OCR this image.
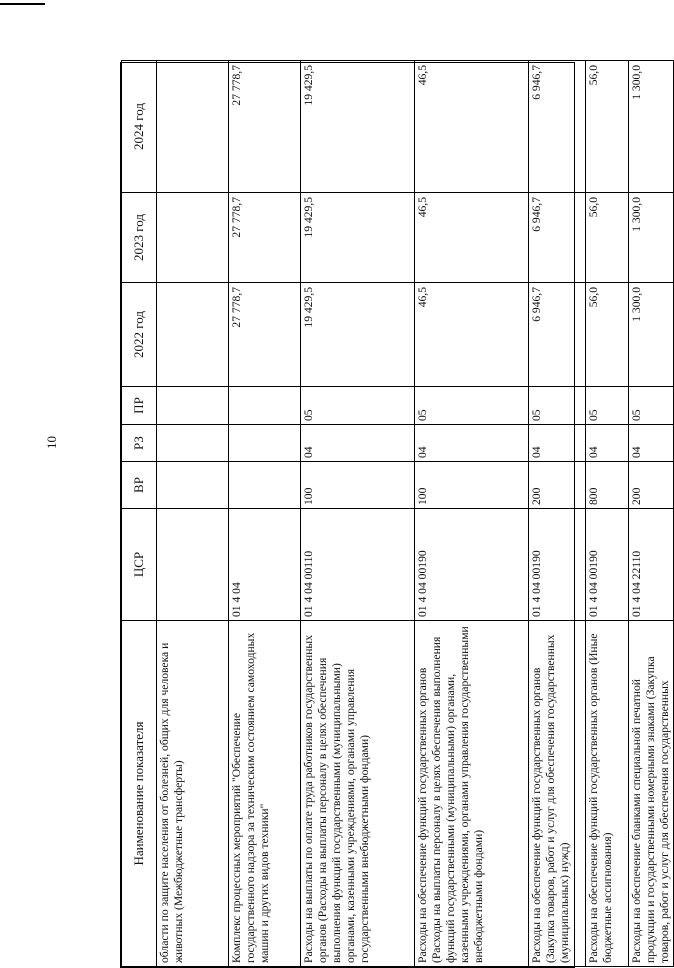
10
Наименование показателя	ЦСР	ВР	РЗ	ПР	2022 год	2023 год	2024 год
области по защите населения от болезней, общих для человека и животных (Межбюджетные трансферты)							
Комплекс процессных мероприятий "Обеспечение государственного надзора за техническим состоянием самоходных машин и других видов техники"	01 4 04				27 778,7	27 778,7	27 778,7
Расходы на выплаты по оплате труда работников государственных органов (Расходы на выплаты персоналу в целях обеспечения выполнения функций государственными (муниципальными) органами, казенными учреждениями, органами управления государственными внебюджетными фондами)	01 4 04 00110	100	04	05	19 429,5	19 429,5	19 429,5
Расходы на обеспечение функций государственных органов (Расходы на выплаты персоналу в целях обеспечения выполнения функций государственными (муниципальными) органами, казенными учреждениями, органами управления государственными внебюджетными фондами)	01 4 04 00190	100	04	05	46,5	46,5	46,5
Расходы на обеспечение функций государственных органов (Закупка товаров, работ и услуг для обеспечения государственных (муниципальных) нужд)	01 4 04 00190	200	04	05	6 946,7	6 946,7	6 946,7
Расходы на обеспечение функций государственных органов (Иные бюджетные ассигнования)	01 4 04 00190	800	04	05	56,0	56,0	56,0
Расходы на обеспечение бланками специальной печатной продукции и государственными номерными знаками (Закупка товаров, работ и услуг для обеспечения государственных	01 4 04 22110	200	04	05	1 300,0	1 300,0	1 300,0
